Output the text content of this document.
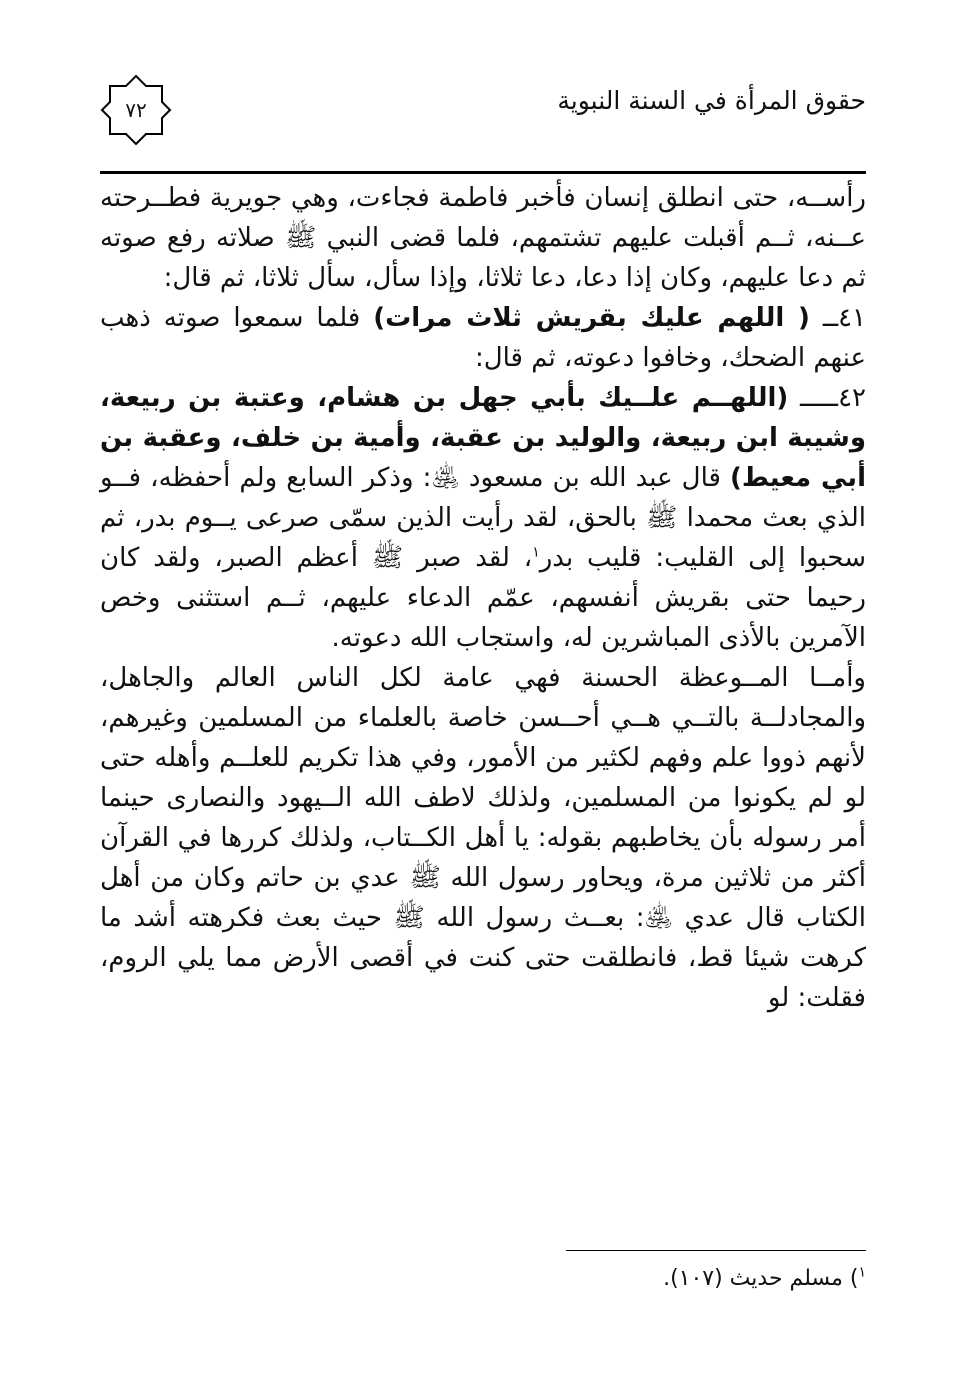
٧٢	حقوق المرأة في السنة النبوية

رأســه، حتى انطلق إنسان فأخبر فاطمة فجاءت، وهي جويرية فطــرحته عــنه، ثــم أقبلت عليهم تشتمهم، فلما قضى النبي ﷺ صلاته رفع صوته ثم دعا عليهم، وكان إذا دعا، دعا ثلاثا، وإذا سأل، سأل ثلاثا، ثم قال:

٤١ــ ( اللهم عليك بقريش ثلاث مرات) فلما سمعوا صوته ذهب عنهم الضحك، وخافوا دعوته، ثم قال:

٤٢ـــــ (اللهــم علــيك بأبي جهل بن هشام، وعتبة بن ربيعة، وشيبة ابن ربيعة، والوليد بن عقبة، وأمية بن خلف، وعقبة بن أبي معيط) قال عبد الله بن مسعود ﵁: وذكر السابع ولم أحفظه، فــو الذي بعث محمدا ﷺ بالحق، لقد رأيت الذين سمّى صرعى يــوم بدر، ثم سحبوا إلى القليب: قليب بدر$^١$، لقد صبر ﷺ أعظم الصبر، ولقد كان رحيما حتى بقريش أنفسهم، عمّم الدعاء عليهم، ثــم استثنى وخص الآمرين بالأذى المباشرين له، واستجاب الله دعوته.

وأمــا المــوعظة الحسنة فهي عامة لكل الناس العالم والجاهل، والمجادلــة بالتــي هــي أحــسن خاصة بالعلماء من المسلمين وغيرهم، لأنهم ذووا علم وفهم لكثير من الأمور، وفي هذا تكريم للعلــم وأهله حتى لو لم يكونوا من المسلمين، ولذلك لاطف الله الــيهود والنصارى حينما أمر رسوله بأن يخاطبهم بقوله: يا أهل الكــتاب، ولذلك كررها في القرآن أكثر من ثلاثين مرة، ويحاور رسول الله ﷺ عدي بن حاتم وكان من أهل الكتاب قال عدي ﵁: بعــث رسول الله ﷺ حيث بعث فكرهته أشد ما كرهت شيئا قط، فانطلقت حتى كنت في أقصى الأرض مما يلي الروم، فقلت: لو

$^١$) مسلم حديث (١٠٧).
